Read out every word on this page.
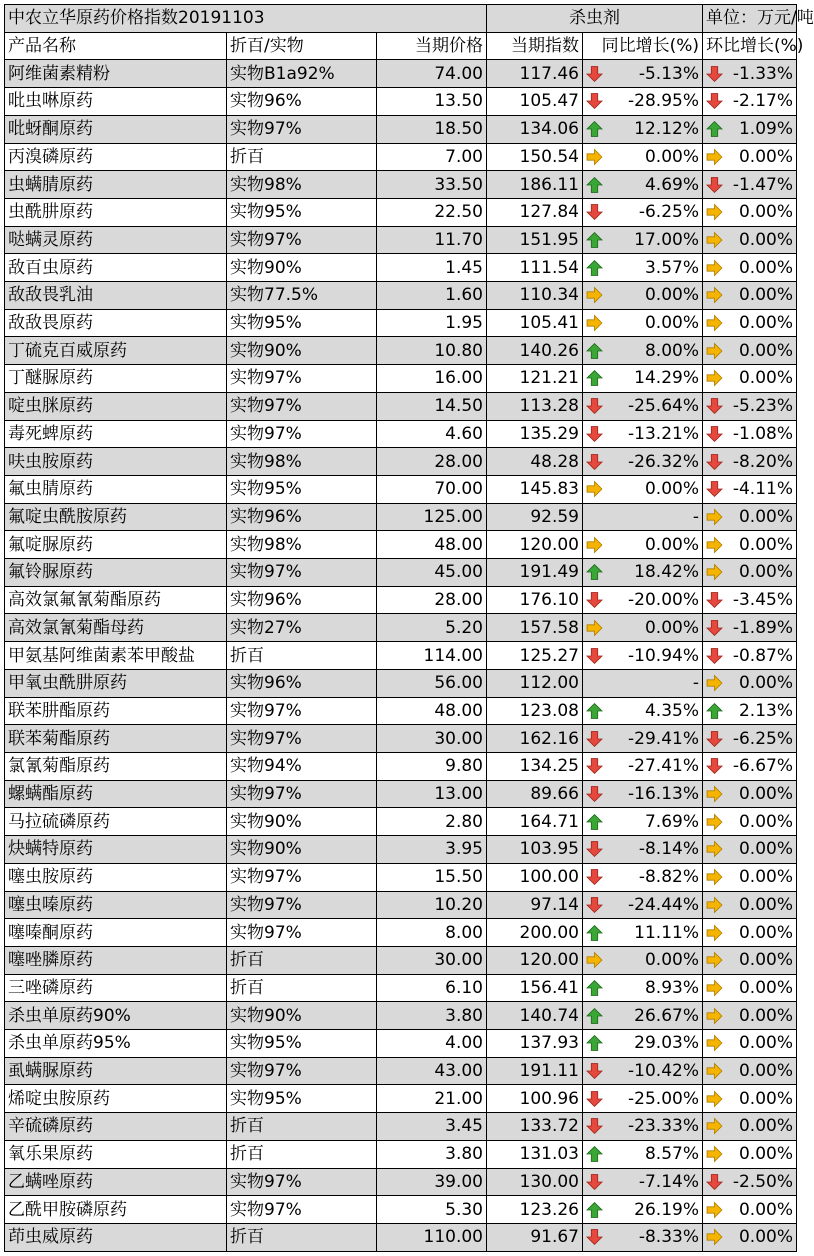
中农立华原药价格指数20191103			杀虫剂		单位：万元/吨
产品名称	折百/实物	当期价格	当期指数	同比增长(%)	环比增长(%)
阿维菌素精粉	实物B1a92%	74.00	117.46	-5.13%	-1.33%

吡虫啉原药	实物96%	13.50	105.47	-28.95%	-2.17%

吡蚜酮原药	实物97%	18.50	134.06	12.12%	1.09%

丙溴磷原药	折百	7.00	150.54	0.00%	0.00%

虫螨腈原药	实物98%	33.50	186.11	4.69%	-1.47%

虫酰肼原药	实物95%	22.50	127.84	-6.25%	0.00%

哒螨灵原药	实物97%	11.70	151.95	17.00%	0.00%

敌百虫原药	实物90%	1.45	111.54	3.57%	0.00%

敌敌畏乳油	实物77.5%	1.60	110.34	0.00%	0.00%

敌敌畏原药	实物95%	1.95	105.41	0.00%	0.00%

丁硫克百威原药	实物90%	10.80	140.26	8.00%	0.00%

丁醚脲原药	实物97%	16.00	121.21	14.29%	0.00%

啶虫脒原药	实物97%	14.50	113.28	-25.64%	-5.23%

毒死蜱原药	实物97%	4.60	135.29	-13.21%	-1.08%

呋虫胺原药	实物98%	28.00	48.28	-26.32%	-8.20%

氟虫腈原药	实物95%	70.00	145.83	0.00%	-4.11%

氟啶虫酰胺原药	实物96%	125.00	92.59	-	0.00%

氟啶脲原药	实物98%	48.00	120.00	0.00%	0.00%

氟铃脲原药	实物97%	45.00	191.49	18.42%	0.00%

高效氯氟氰菊酯原药	实物96%	28.00	176.10	-20.00%	-3.45%

高效氯氰菊酯母药	实物27%	5.20	157.58	0.00%	-1.89%

甲氨基阿维菌素苯甲酸盐	折百	114.00	125.27	-10.94%	-0.87%

甲氧虫酰肼原药	实物96%	56.00	112.00	-	0.00%

联苯肼酯原药	实物97%	48.00	123.08	4.35%	2.13%

联苯菊酯原药	实物97%	30.00	162.16	-29.41%	-6.25%

氯氰菊酯原药	实物94%	9.80	134.25	-27.41%	-6.67%

螺螨酯原药	实物97%	13.00	89.66	-16.13%	0.00%

马拉硫磷原药	实物90%	2.80	164.71	7.69%	0.00%

炔螨特原药	实物90%	3.95	103.95	-8.14%	0.00%

噻虫胺原药	实物97%	15.50	100.00	-8.82%	0.00%

噻虫嗪原药	实物97%	10.20	97.14	-24.44%	0.00%

噻嗪酮原药	实物97%	8.00	200.00	11.11%	0.00%

噻唑膦原药	折百	30.00	120.00	0.00%	0.00%

三唑磷原药	折百	6.10	156.41	8.93%	0.00%

杀虫单原药90%	实物90%	3.80	140.74	26.67%	0.00%

杀虫单原药95%	实物95%	4.00	137.93	29.03%	0.00%

虱螨脲原药	实物97%	43.00	191.11	-10.42%	0.00%

烯啶虫胺原药	实物95%	21.00	100.96	-25.00%	0.00%

辛硫磷原药	折百	3.45	133.72	-23.33%	0.00%

氧乐果原药	折百	3.80	131.03	8.57%	0.00%

乙螨唑原药	实物97%	39.00	130.00	-7.14%	-2.50%

乙酰甲胺磷原药	实物97%	5.30	123.26	26.19%	0.00%

茚虫威原药	折百	110.00	91.67	-8.33%	0.00%
